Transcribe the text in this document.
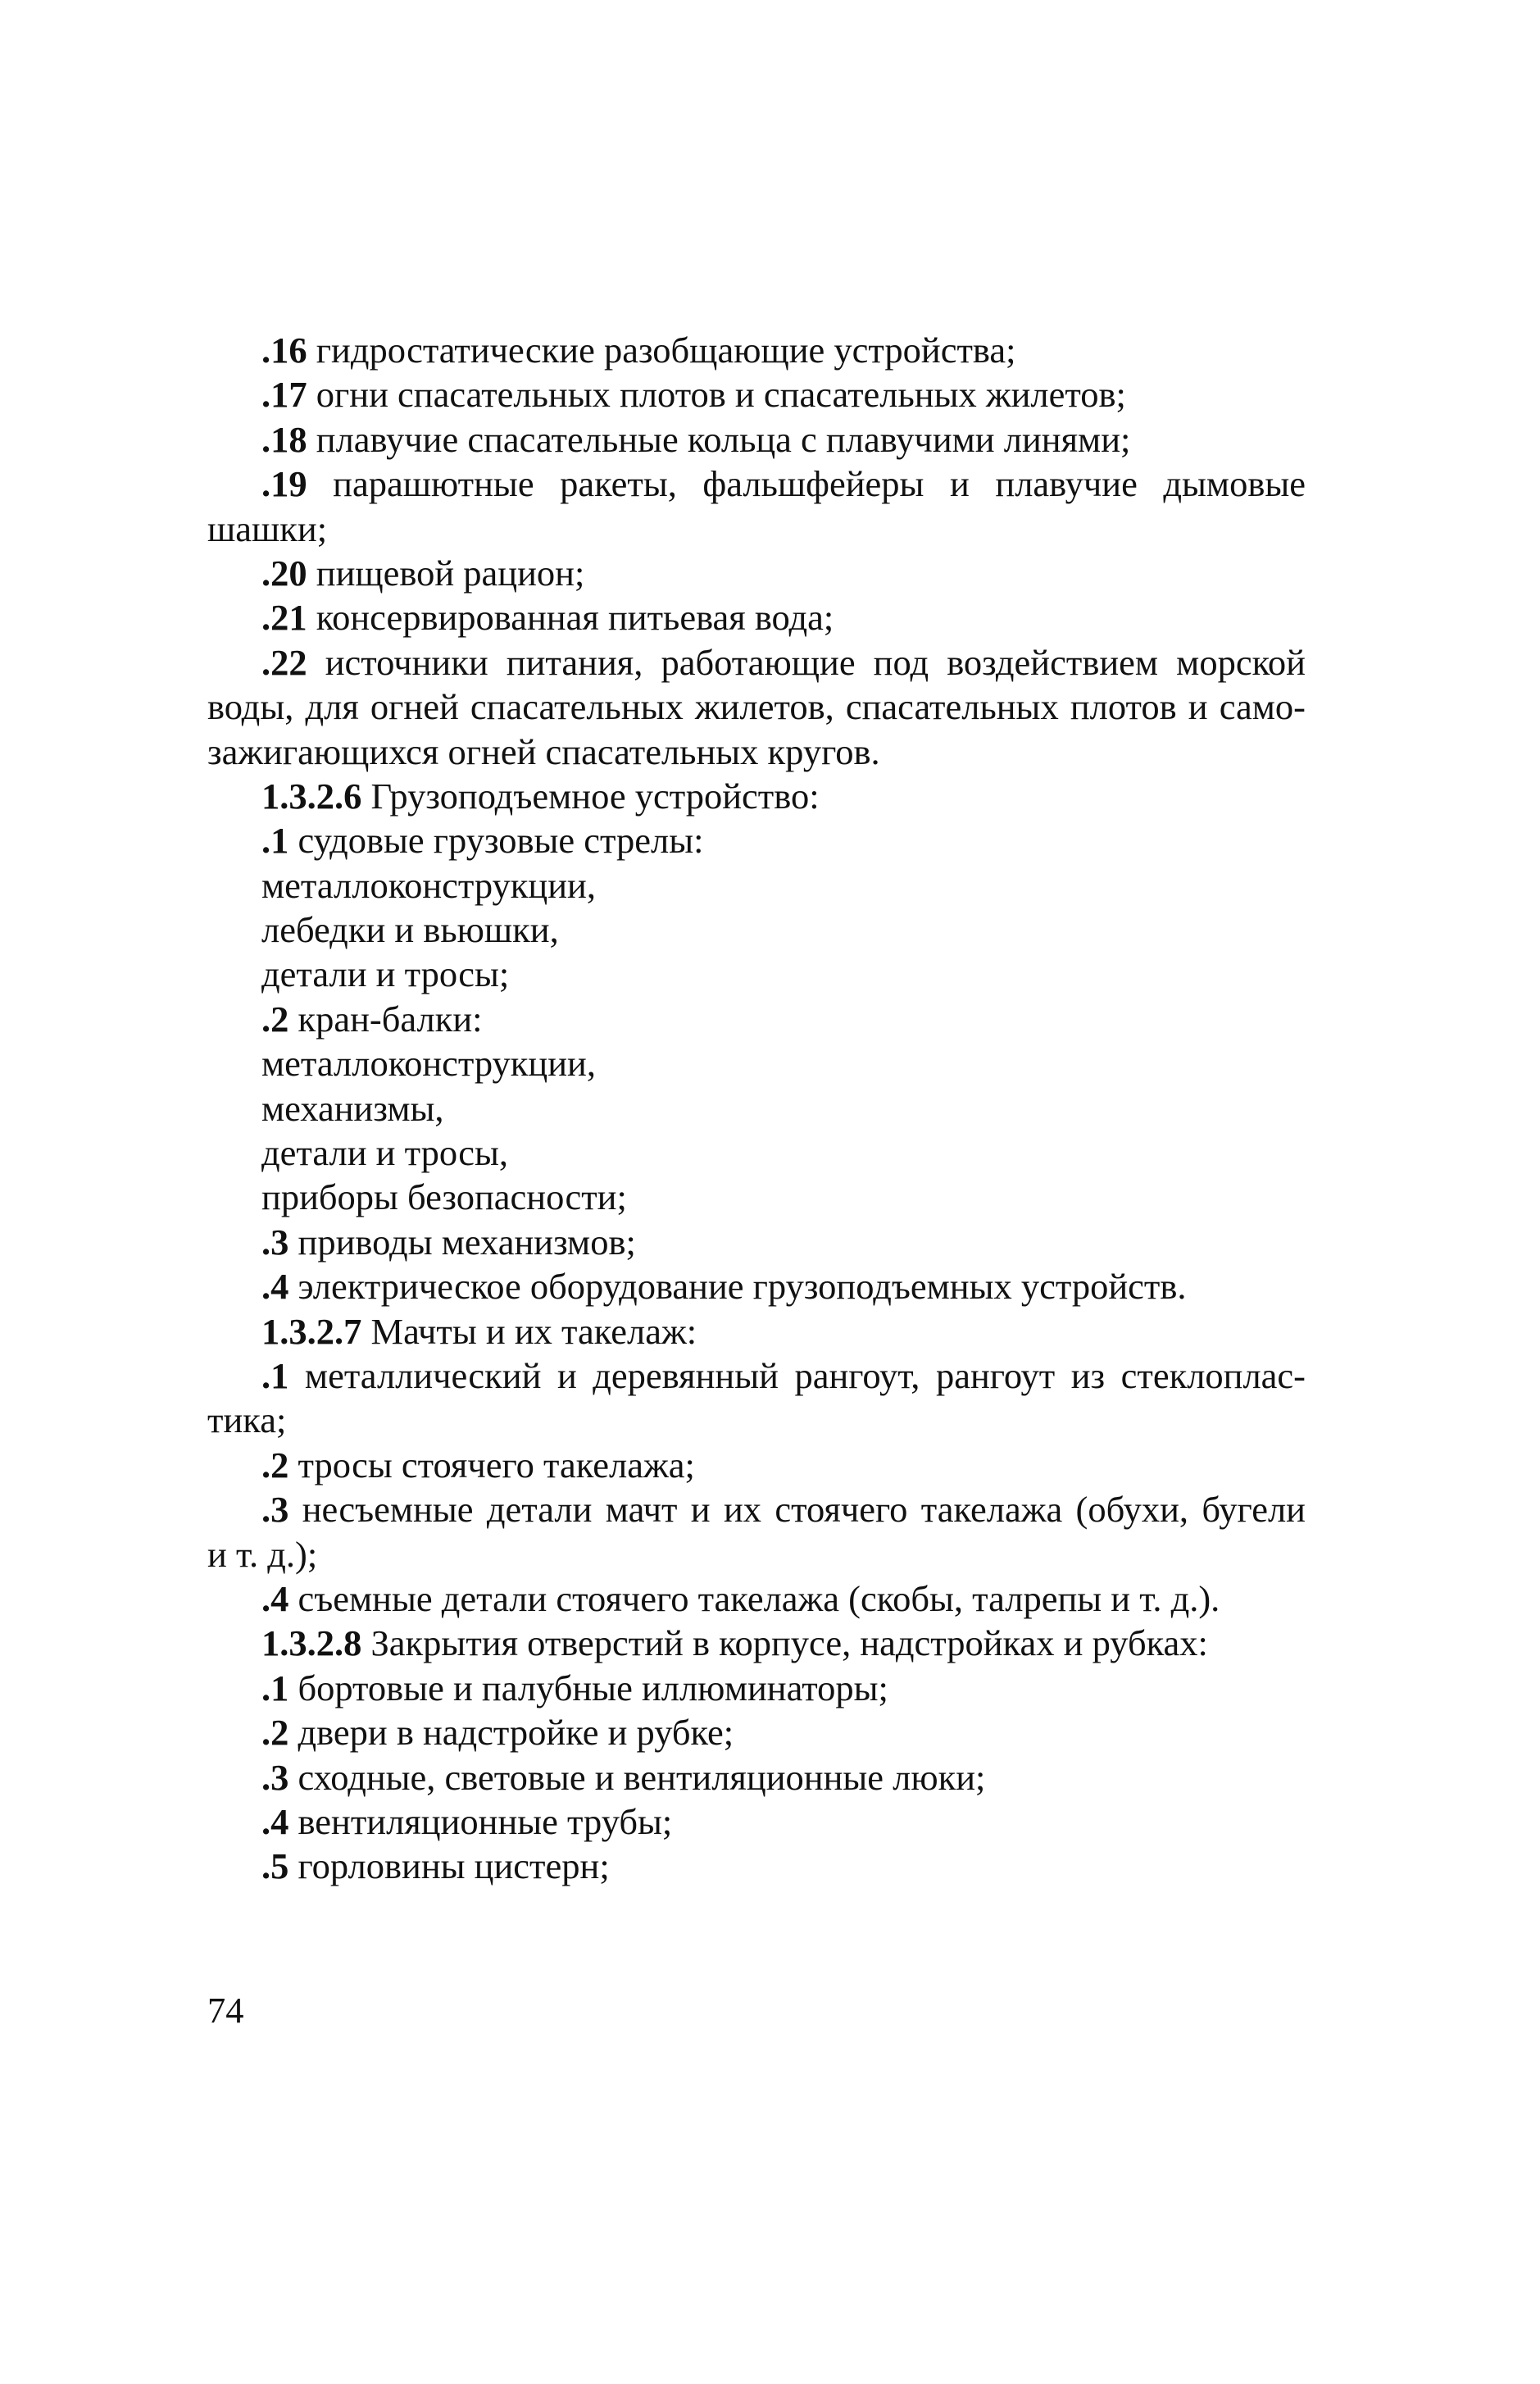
.16 гидростатические разобщающие устройства;
.17 огни спасательных плотов и спасательных жилетов;
.18 плавучие спасательные кольца с плавучими линями;
.19 парашютные ракеты, фальшфейеры и плавучие дымовые
шашки;
.20 пищевой рацион;
.21 консервированная питьевая вода;
.22 источники питания, работающие под воздействием морской
воды, для огней спасательных жилетов, спасательных плотов и само-
зажигающихся огней спасательных кругов.
1.3.2.6 Грузоподъемное устройство:
.1 судовые грузовые стрелы:
металлоконструкции,
лебедки и вьюшки,
детали и тросы;
.2 кран-балки:
металлоконструкции,
механизмы,
детали и тросы,
приборы безопасности;
.3 приводы механизмов;
.4 электрическое оборудование грузоподъемных устройств.
1.3.2.7 Мачты и их такелаж:
.1 металлический и деревянный рангоут, рангоут из стеклоплас-
тика;
.2 тросы стоячего такелажа;
.3 несъемные детали мачт и их стоячего такелажа (обухи, бугели
и т. д.);
.4 съемные детали стоячего такелажа (скобы, талрепы и т. д.).
1.3.2.8 Закрытия отверстий в корпусе, надстройках и рубках:
.1 бортовые и палубные иллюминаторы;
.2 двери в надстройке и рубке;
.3 сходные, световые и вентиляционные люки;
.4 вентиляционные трубы;
.5 горловины цистерн;
74
